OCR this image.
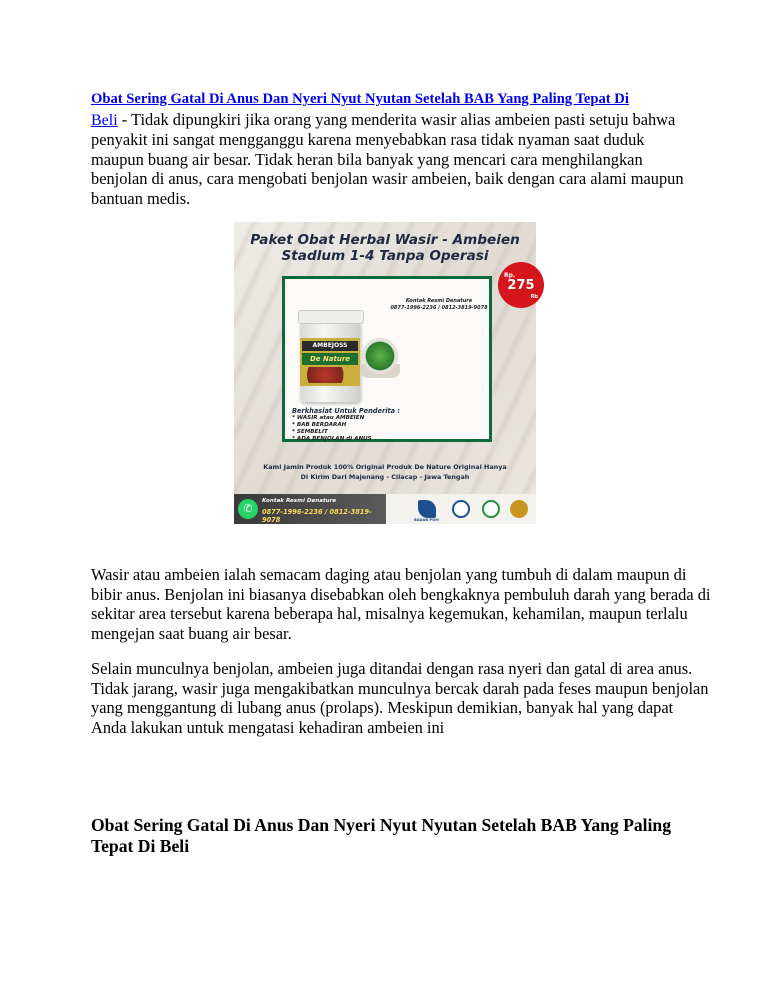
Obat Sering Gatal Di Anus Dan Nyeri Nyut Nyutan Setelah BAB Yang Paling Tepat Di
Beli - Tidak dipungkiri jika orang yang menderita wasir alias ambeien pasti setuju bahwa penyakit ini sangat mengganggu karena menyebabkan rasa tidak nyaman saat duduk maupun buang air besar. Tidak heran bila banyak yang mencari cara menghilangkan benjolan di anus, cara mengobati benjolan wasir ambeien, baik dengan cara alami maupun bantuan medis.

Paket Obat Herbal Wasir - Ambeien
Stadlum 1-4 Tanpa Operasi
Rp.
275
Rb
Kontak Resmi Denature
0877-1996-2236 / 0812-3819-9078
AMBEJOSS
De Nature
Berkhasiat Untuk Penderita :
* WASIR atau AMBEIEN
* BAB BERDARAH
* SEMBELIT
* ADA BENJOLAN di ANUS
Kami Jamin Produk 100% Original Produk De Nature Original Hanya
Di Kirim Dari Majenang - Cilacap - Jawa Tengah
✆
Kontak Resmi Denature
0877-1996-2236 / 0812-3819-9078	BADAN POM

Wasir atau ambeien ialah semacam daging atau benjolan yang tumbuh di dalam maupun di bibir anus. Benjolan ini biasanya disebabkan oleh bengkaknya pembuluh darah yang berada di sekitar area tersebut karena beberapa hal, misalnya kegemukan, kehamilan, maupun terlalu mengejan saat buang air besar.

Selain munculnya benjolan, ambeien juga ditandai dengan rasa nyeri dan gatal di area anus. Tidak jarang, wasir juga mengakibatkan munculnya bercak darah pada feses maupun benjolan yang menggantung di lubang anus (prolaps). Meskipun demikian, banyak hal yang dapat Anda lakukan untuk mengatasi kehadiran ambeien ini

Obat Sering Gatal Di Anus Dan Nyeri Nyut Nyutan Setelah BAB Yang Paling Tepat Di Beli
